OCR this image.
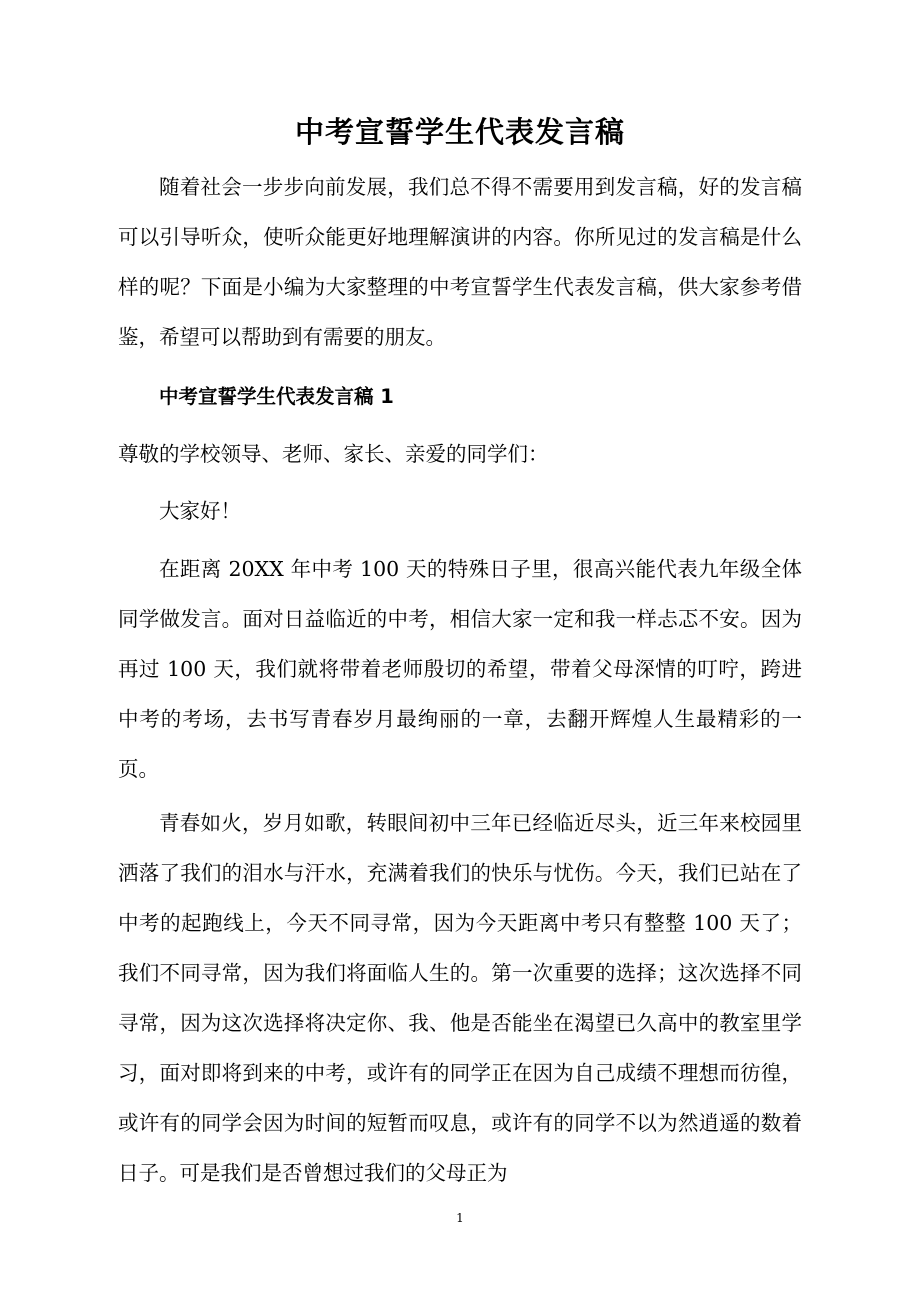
中考宣誓学生代表发言稿

随着社会一步步向前发展，我们总不得不需要用到发言稿，好的发言稿可以引导听众，使听众能更好地理解演讲的内容。你所见过的发言稿是什么样的呢？下面是小编为大家整理的中考宣誓学生代表发言稿，供大家参考借鉴，希望可以帮助到有需要的朋友。

中考宣誓学生代表发言稿 1

尊敬的学校领导、老师、家长、亲爱的同学们：

大家好！

在距离 20XX 年中考 100 天的特殊日子里，很高兴能代表九年级全体同学做发言。面对日益临近的中考，相信大家一定和我一样忐忑不安。因为再过 100 天，我们就将带着老师殷切的希望，带着父母深情的叮咛，跨进中考的考场，去书写青春岁月最绚丽的一章，去翻开辉煌人生最精彩的一页。

青春如火，岁月如歌，转眼间初中三年已经临近尽头，近三年来校园里洒落了我们的泪水与汗水，充满着我们的快乐与忧伤。今天，我们已站在了中考的起跑线上，今天不同寻常，因为今天距离中考只有整整 100 天了；我们不同寻常，因为我们将面临人生的。第一次重要的选择；这次选择不同寻常，因为这次选择将决定你、我、他是否能坐在渴望已久高中的教室里学习，面对即将到来的中考，或许有的同学正在因为自己成绩不理想而彷徨，或许有的同学会因为时间的短暂而叹息，或许有的同学不以为然逍遥的数着日子。可是我们是否曾想过我们的父母正为

1
